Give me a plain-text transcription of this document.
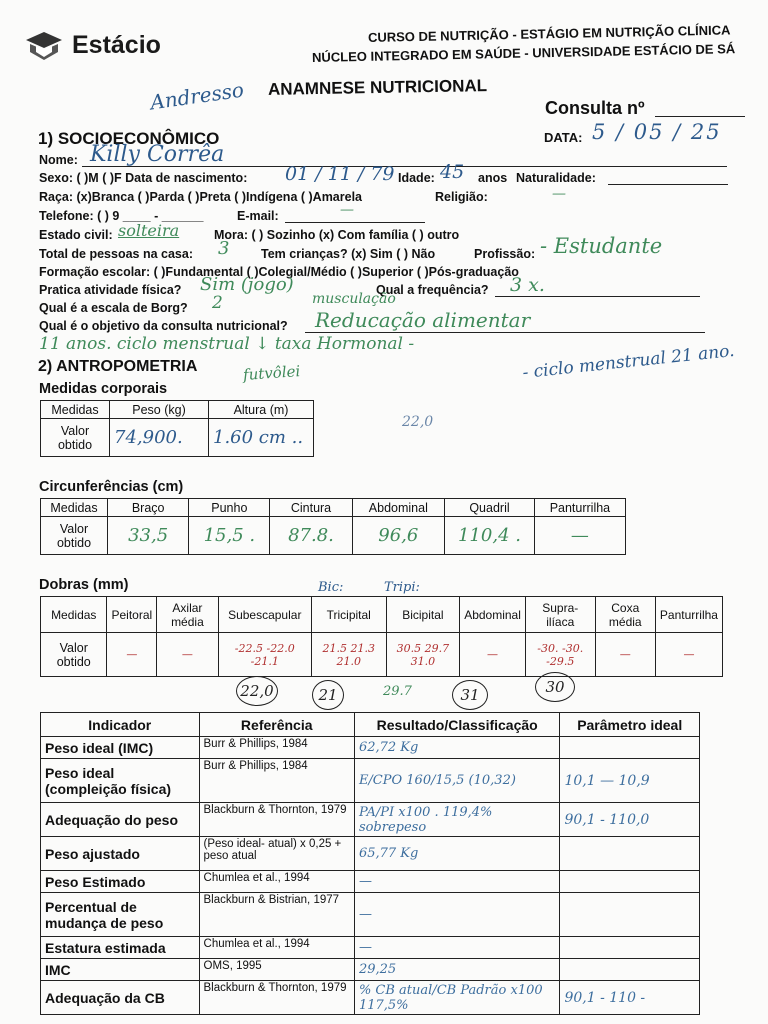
Estácio	CURSO DE NUTRIÇÃO - ESTÁGIO EM NUTRIÇÃO CLÍNICA
NÚCLEO INTEGRADO EM SAÚDE - UNIVERSIDADE ESTÁCIO DE SÁ
Andresso ANAMNESE NUTRICIONAL
Consulta nº
DATA: 5 / 05 / 25
1) SOCIOECONÔMICO
Nome: Killy Corrêa
Sexo: ( )M ( )F Data de nascimento: 01 / 11 / 79 Idade: 45 anos Naturalidade:
Raça: (x)Branca ( )Parda ( )Preta ( )Indígena ( )Amarela	Religião:	—
Telefone: ( ) 9 ____ - ______	E-mail:	—
Estado civil: solteira	Mora: ( ) Sozinho (x) Com família ( ) outro
Total de pessoas na casa: 3	Tem crianças? (x) Sim ( ) Não	Profissão: - Estudante
Formação escolar: ( )Fundamental ( )Colegial/Médio ( )Superior ( )Pós-graduação
Pratica atividade física? Sim (jogo)	Qual a frequência? 3 x.
Qual é a escala de Borg? 2	musculação
Qual é o objetivo da consulta nutricional? Reducação alimentar
11 anos. ciclo menstrual ↓ taxa Hormonal -
2) ANTROPOMETRIA	futvôlei	- ciclo menstrual 21 ano.
Medidas corporais
Medidas	Peso (kg)	Altura (m)
Valor obtido	74,900.	1.60 cm ..
22,0
Circunferências (cm)
Medidas	Braço	Punho	Cintura	Abdominal	Quadril	Panturrilha
Valor obtido	33,5	15,5 .	87.8.	96,6	110,4 .	—
Dobras (mm)	Bic:	Tripi:
Medidas	Peitoral	Axilar média	Subescapular	Tricipital	Bicipital	Abdominal	Supra-ilíaca	Coxa média	Panturrilha
Valor obtido	—	—	-22.5 -22.0 -21.1	21.5 21.3 21.0	30.5 29.7 31.0	—	-30. -30. -29.5	—	—
22,0	21	29.7	31	30
Indicador	Referência	Resultado/Classificação	Parâmetro ideal
Peso ideal (IMC)	Burr & Phillips, 1984	62,72 Kg	
Peso ideal (compleição física)	Burr & Phillips, 1984	E/CPO 160/15,5 (10,32)	10,1 — 10,9
Adequação do peso	Blackburn & Thornton, 1979	PA/PI x100 . 119,4% sobrepeso	90,1 - 110,0
Peso ajustado	(Peso ideal- atual) x 0,25 + peso atual	65,77 Kg	
Peso Estimado	Chumlea et al., 1994	—	
Percentual de mudança de peso	Blackburn & Bistrian, 1977	—	
Estatura estimada	Chumlea et al., 1994	—	
IMC	OMS, 1995	29,25	
Adequação da CB	Blackburn & Thornton, 1979	% CB atual/CB Padrão x100 117,5%	90,1 - 110 -
